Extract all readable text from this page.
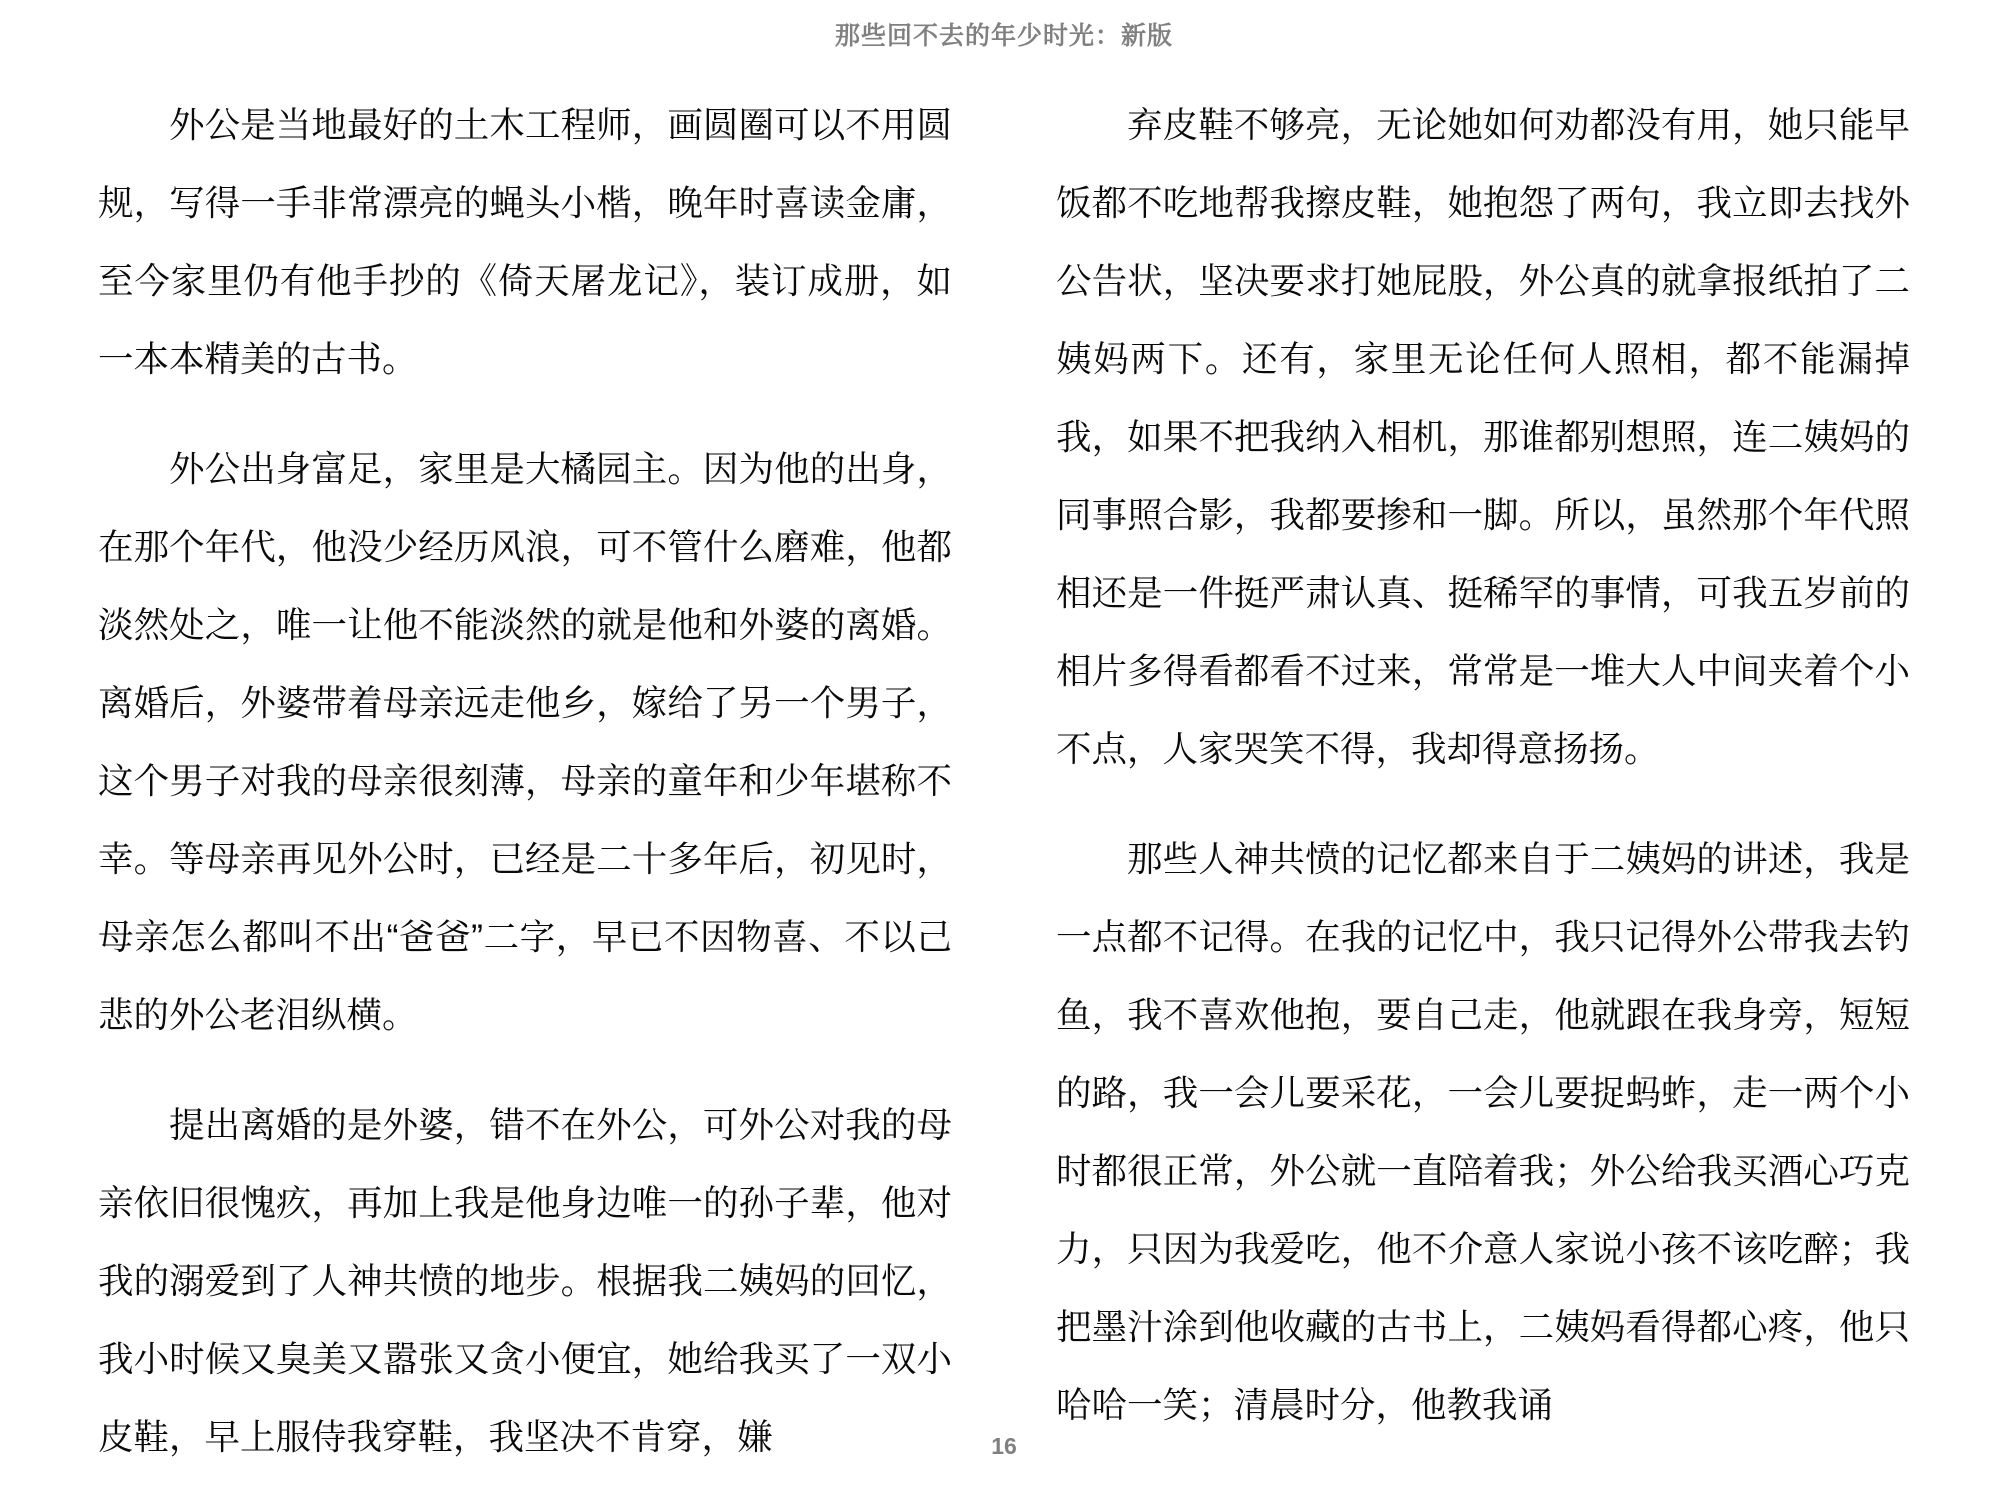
那些回不去的年少时光：新版

外公是当地最好的土木工程师，画圆圈可以不用圆规，写得一手非常漂亮的蝇头小楷，晚年时喜读金庸，至今家里仍有他手抄的《倚天屠龙记》，装订成册，如一本本精美的古书。

外公出身富足，家里是大橘园主。因为他的出身，在那个年代，他没少经历风浪，可不管什么磨难，他都淡然处之，唯一让他不能淡然的就是他和外婆的离婚。离婚后，外婆带着母亲远走他乡，嫁给了另一个男子，这个男子对我的母亲很刻薄，母亲的童年和少年堪称不幸。等母亲再见外公时，已经是二十多年后，初见时，母亲怎么都叫不出“爸爸”二字，早已不因物喜、不以己悲的外公老泪纵横。

提出离婚的是外婆，错不在外公，可外公对我的母亲依旧很愧疚，再加上我是他身边唯一的孙子辈，他对我的溺爱到了人神共愤的地步。根据我二姨妈的回忆，我小时候又臭美又嚣张又贪小便宜，她给我买了一双小皮鞋，早上服侍我穿鞋，我坚决不肯穿，嫌

弃皮鞋不够亮，无论她如何劝都没有用，她只能早饭都不吃地帮我擦皮鞋，她抱怨了两句，我立即去找外公告状，坚决要求打她屁股，外公真的就拿报纸拍了二姨妈两下。还有，家里无论任何人照相，都不能漏掉我，如果不把我纳入相机，那谁都别想照，连二姨妈的同事照合影，我都要掺和一脚。所以，虽然那个年代照相还是一件挺严肃认真、挺稀罕的事情，可我五岁前的相片多得看都看不过来，常常是一堆大人中间夹着个小不点，人家哭笑不得，我却得意扬扬。

那些人神共愤的记忆都来自于二姨妈的讲述，我是一点都不记得。在我的记忆中，我只记得外公带我去钓鱼，我不喜欢他抱，要自己走，他就跟在我身旁，短短的路，我一会儿要采花，一会儿要捉蚂蚱，走一两个小时都很正常，外公就一直陪着我；外公给我买酒心巧克力，只因为我爱吃，他不介意人家说小孩不该吃醉；我把墨汁涂到他收藏的古书上，二姨妈看得都心疼，他只哈哈一笑；清晨时分，他教我诵

16
